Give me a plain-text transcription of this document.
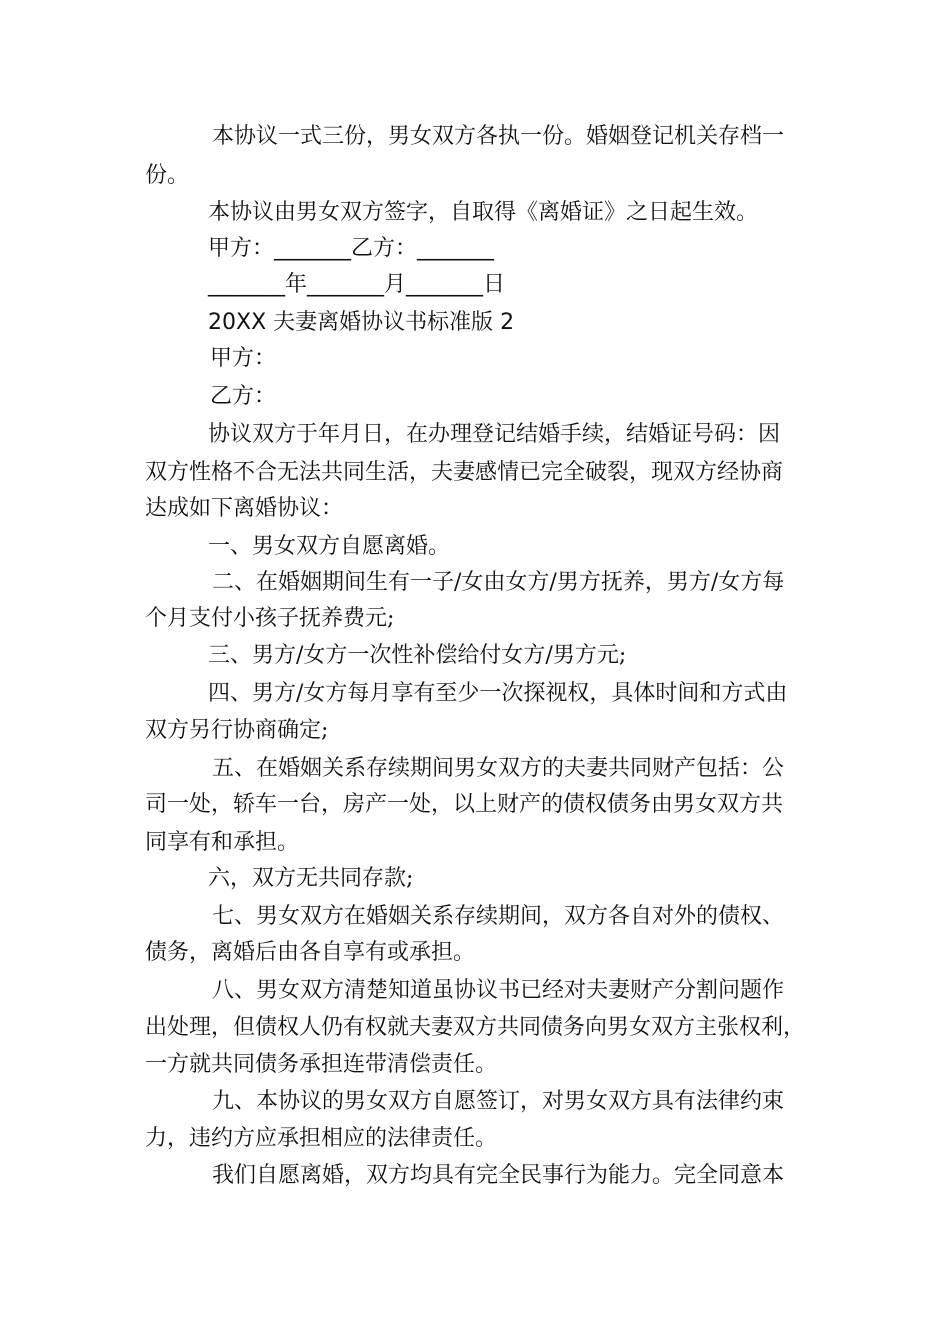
本协议一式三份，男女双方各执一份。婚姻登记机关存档一
份。
本协议由男女双方签字，自取得《离婚证》之日起生效。
甲方：_______乙方：_______
_______年_______月_______日
20XX 夫妻离婚协议书标准版 2
甲方：
乙方：
协议双方于年月日，在办理登记结婚手续，结婚证号码：因
双方性格不合无法共同生活，夫妻感情已完全破裂，现双方经协商
达成如下离婚协议：
一、男女双方自愿离婚。
二、在婚姻期间生有一子/女由女方/男方抚养，男方/女方每
个月支付小孩子抚养费元;
三、男方/女方一次性补偿给付女方/男方元;
四、男方/女方每月享有至少一次探视权，具体时间和方式由
双方另行协商确定;
五、在婚姻关系存续期间男女双方的夫妻共同财产包括：公
司一处，轿车一台，房产一处，以上财产的债权债务由男女双方共
同享有和承担。
六，双方无共同存款;
七、男女双方在婚姻关系存续期间，双方各自对外的债权、
债务，离婚后由各自享有或承担。
八、男女双方清楚知道虽协议书已经对夫妻财产分割问题作
出处理，但债权人仍有权就夫妻双方共同债务向男女双方主张权利，
一方就共同债务承担连带清偿责任。
九、本协议的男女双方自愿签订，对男女双方具有法律约束
力，违约方应承担相应的法律责任。
我们自愿离婚，双方均具有完全民事行为能力。完全同意本
